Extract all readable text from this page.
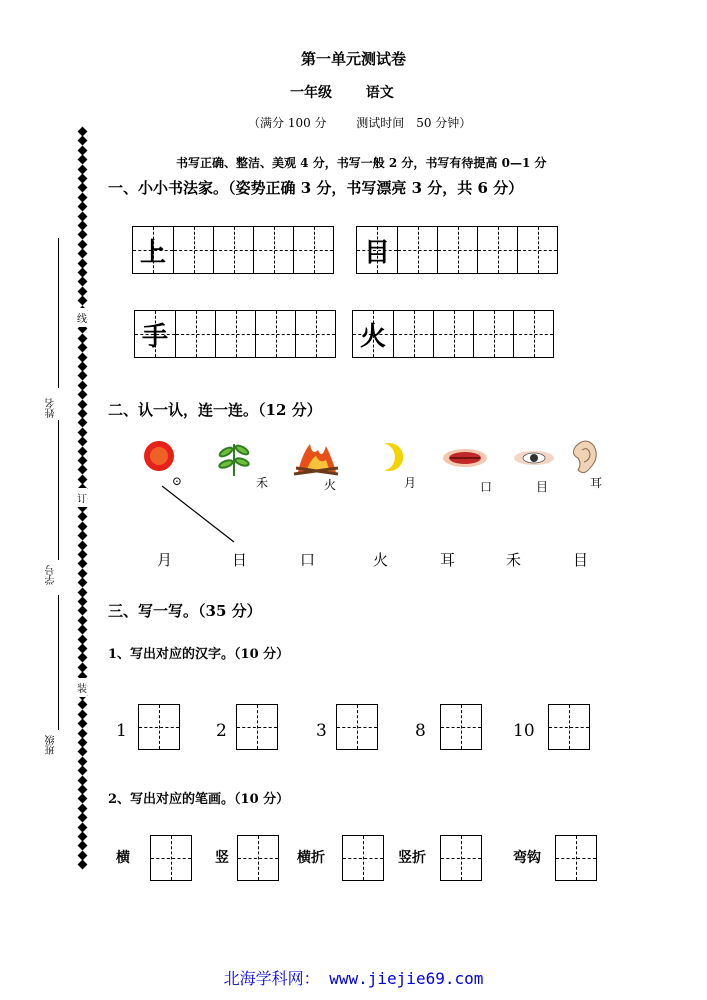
第一单元测试卷
一年级 语文
（满分 100 分 测试时间　50 分钟）
书写正确、整洁、美观 4 分，书写一般 2 分，书写有待提高 0—1 分
姓名
学号
班级
线
订
装
一、小小书法家。（姿势正确 3 分，书写漂亮 3 分，共 6 分）
上	目
手	火
二、认一认，连一连。（12 分）
⊙	禾	火	月	口	目	耳
月	日	口	火	耳	禾	目
三、写一写。（35 分）
1、写出对应的汉字。（10 分）
1	2	3	8	10
2、写出对应的笔画。（10 分）
横	竖	横折	竖折	弯钩
北海学科网： www.jiejie69.com
